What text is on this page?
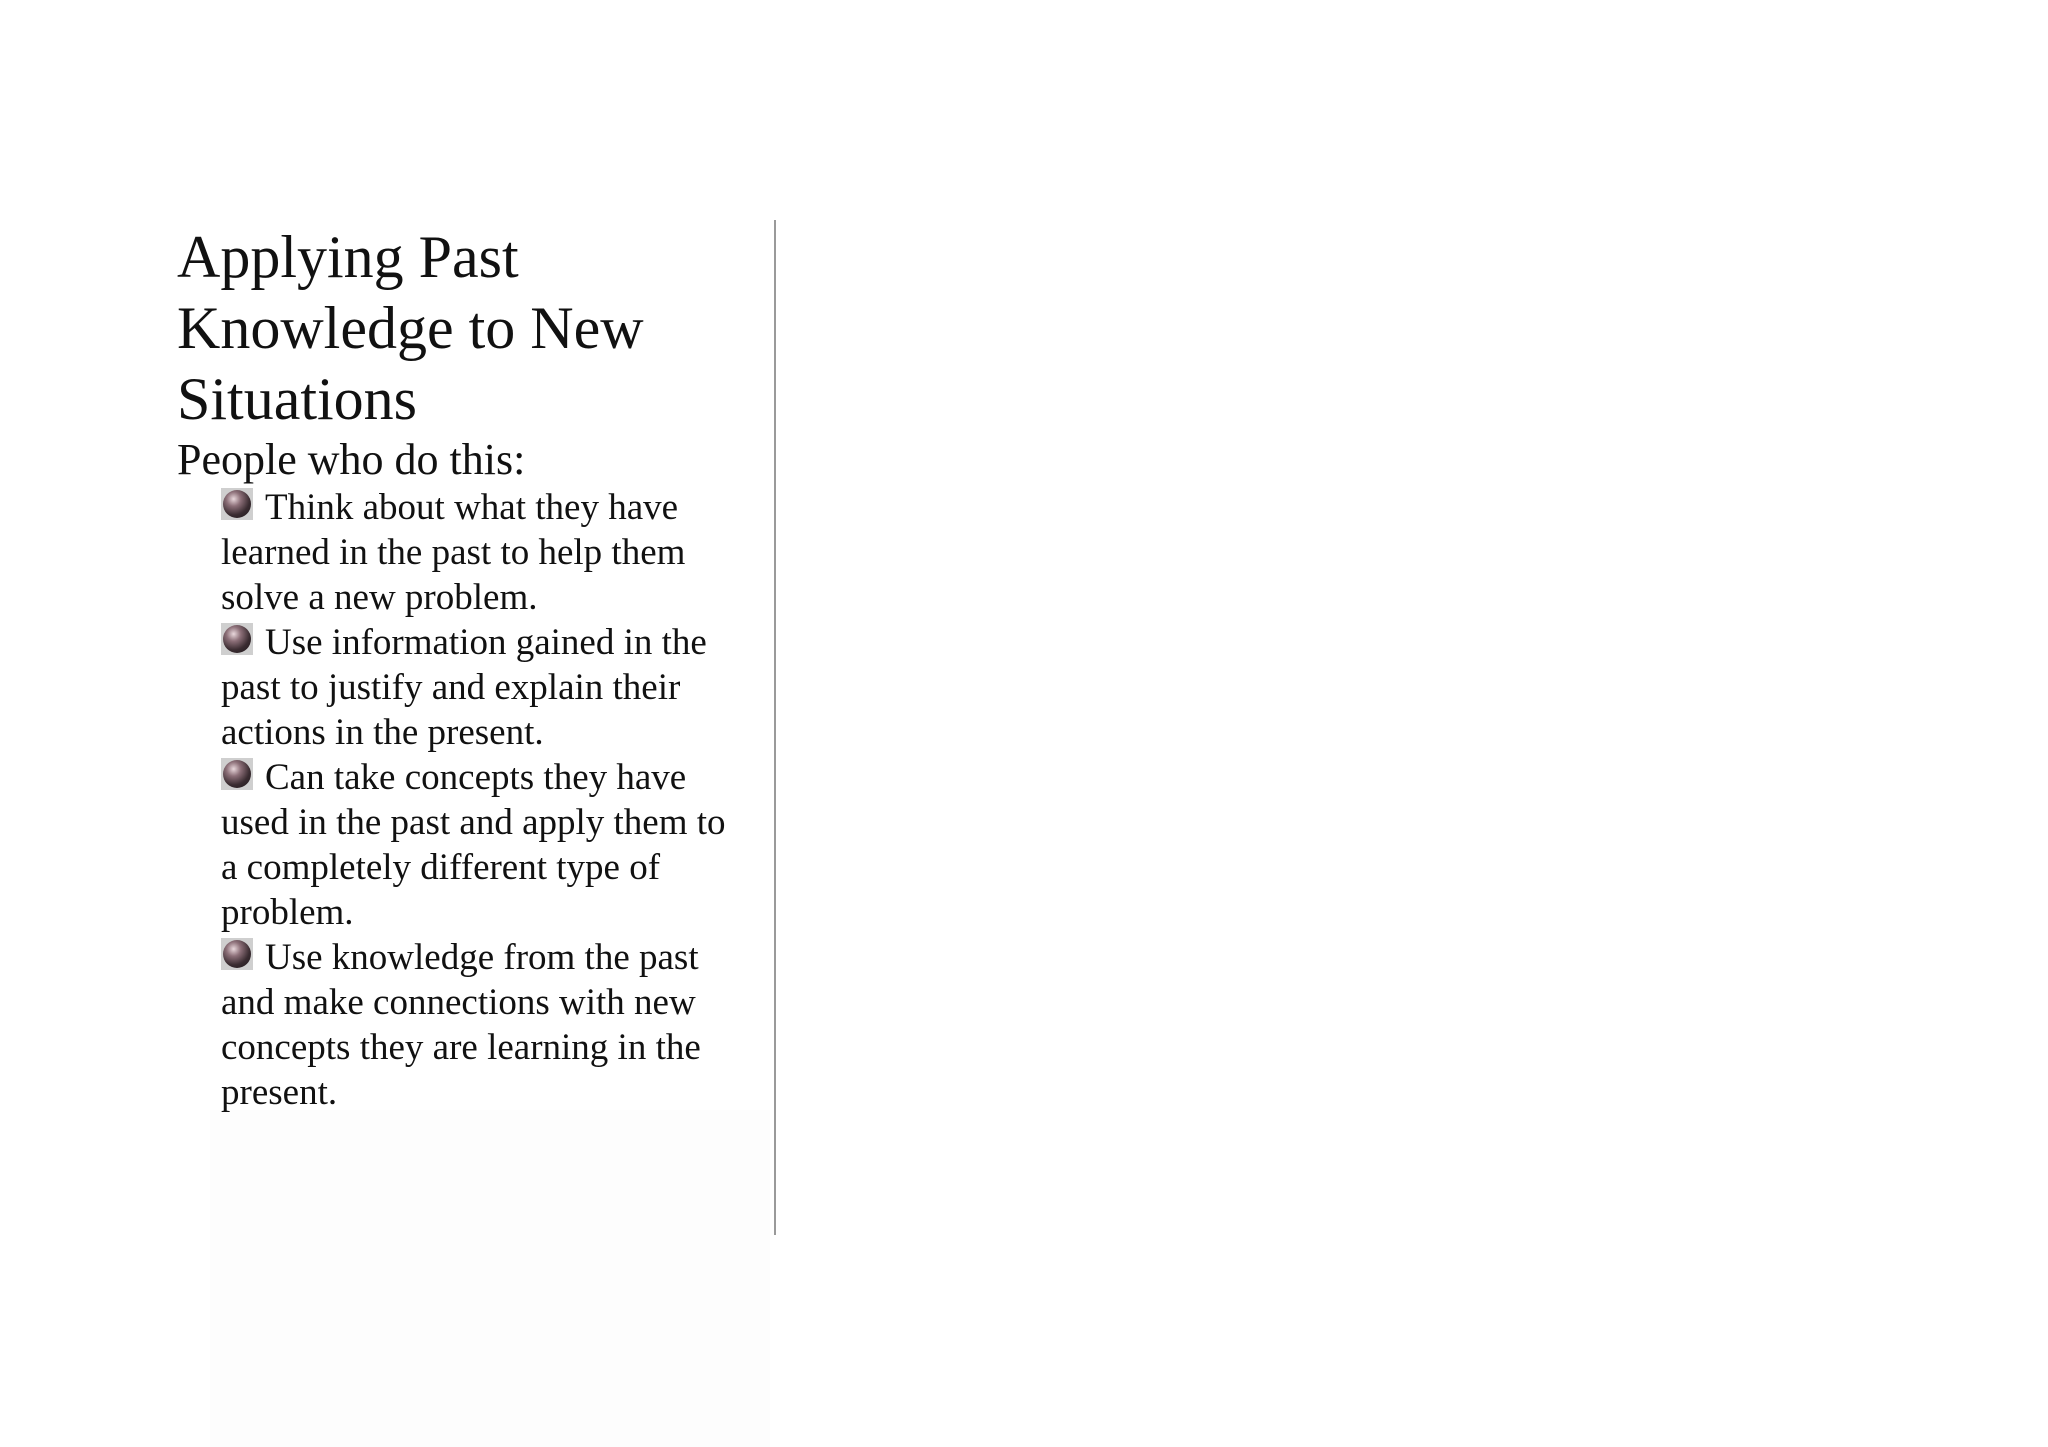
Applying Past Knowledge to New Situations

People who do this:

Think about what they have learned in the past to help them solve a new problem.
Use information gained in the past to justify and explain their actions in the present.
Can take concepts they have used in the past and apply them to a completely different type of problem.
Use knowledge from the past and make connections with new concepts they are learning in the present.
